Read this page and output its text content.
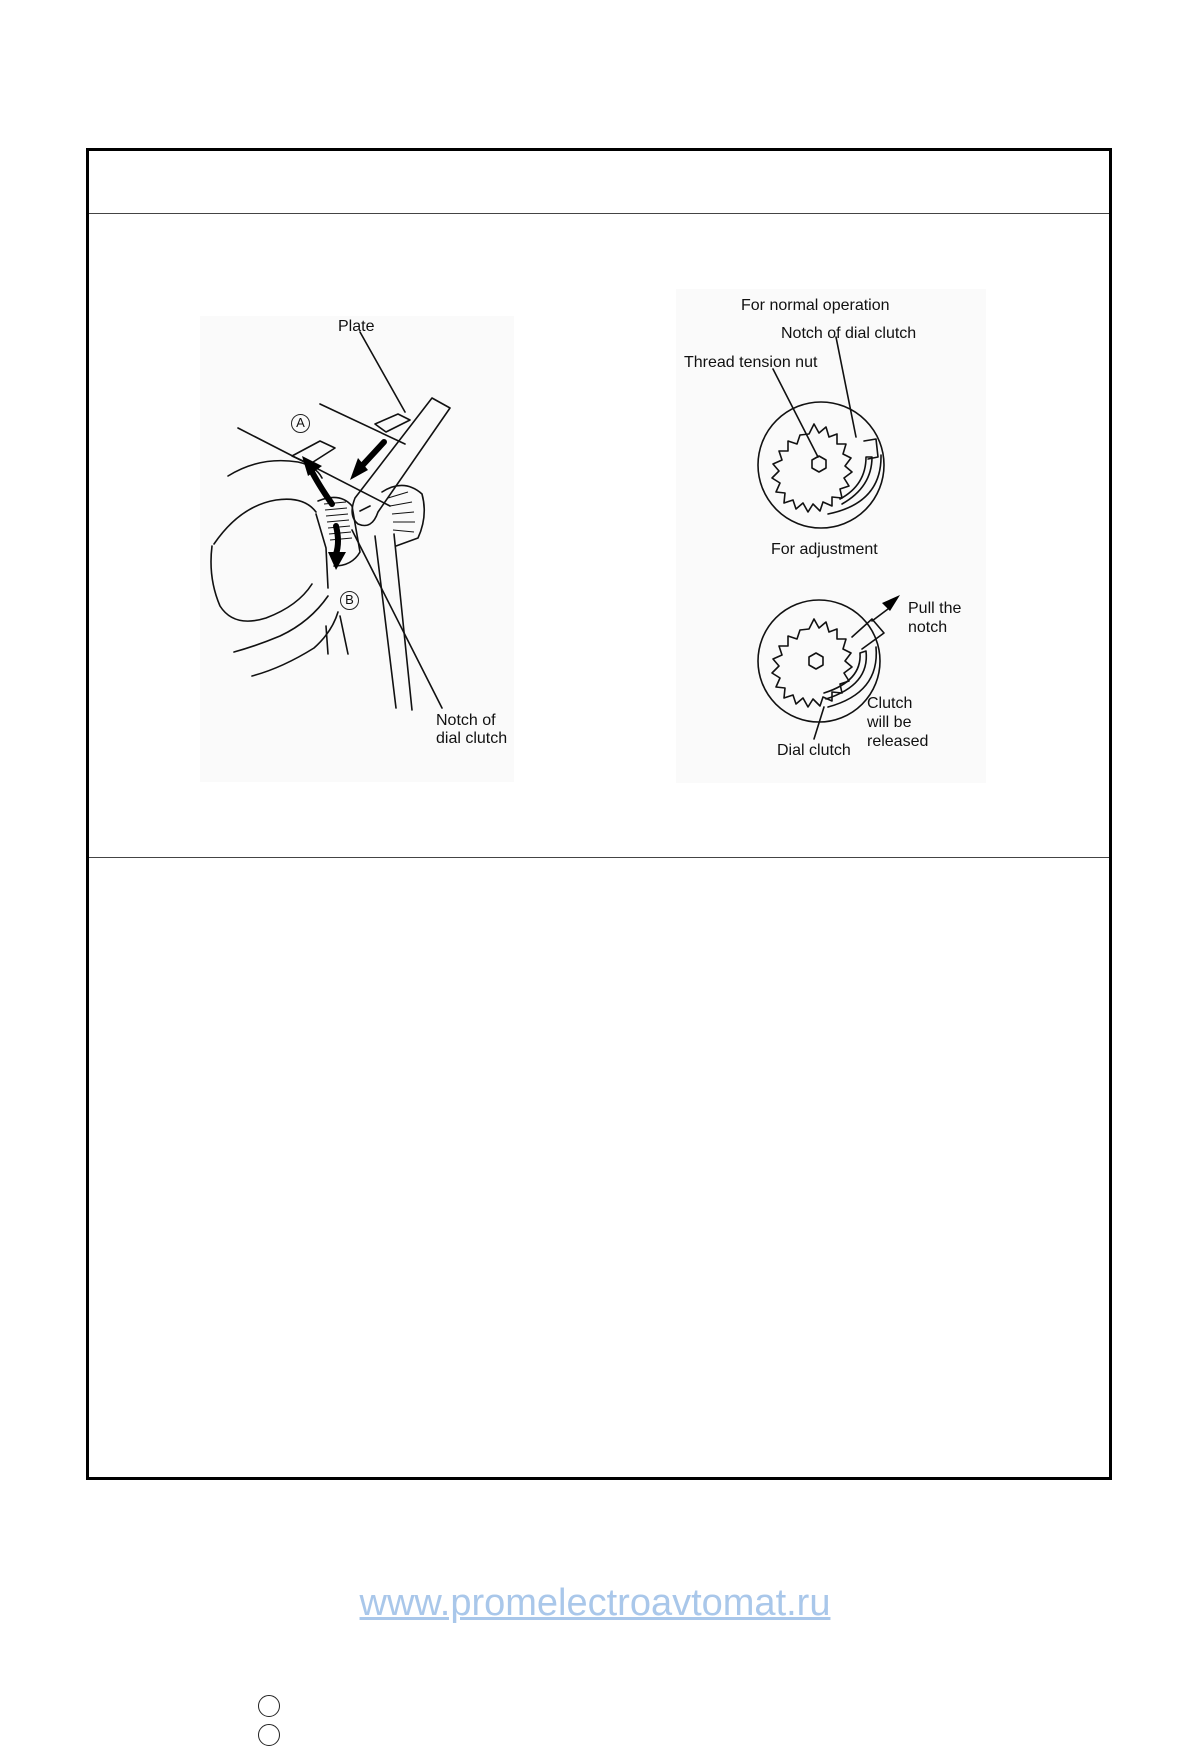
Plate
A
B
Notch of
dial clutch
For normal operation
Notch of dial clutch
Thread tension nut
For adjustment
Pull the
notch
Clutch
will be
released
Dial clutch
www.promelectroavtomat.ru
